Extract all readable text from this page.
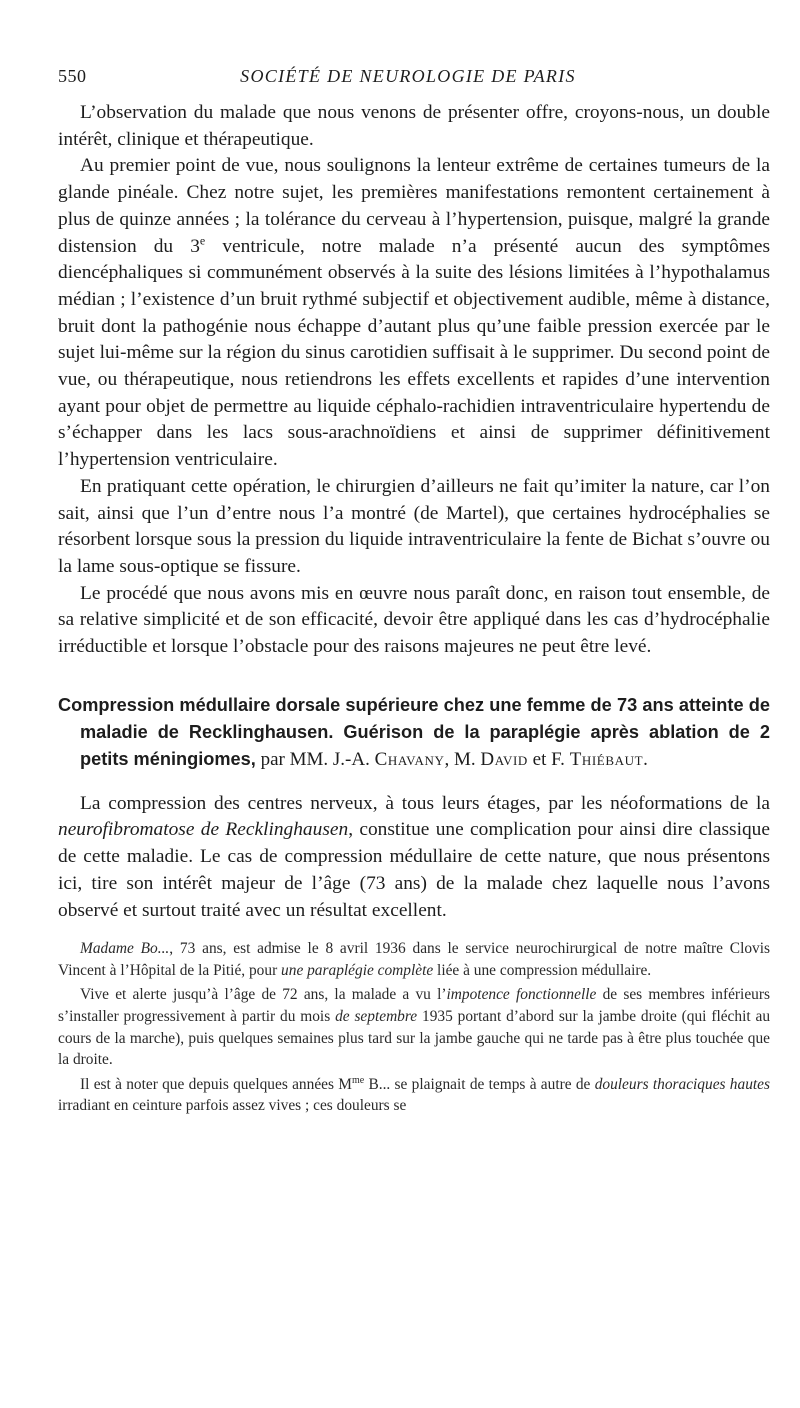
550	SOCIÉTÉ DE NEUROLOGIE DE PARIS

L’observation du malade que nous venons de présenter offre, croyons-nous, un double intérêt, clinique et thérapeutique.

Au premier point de vue, nous soulignons la lenteur extrême de certaines tumeurs de la glande pinéale. Chez notre sujet, les premières manifestations remontent certainement à plus de quinze années ; la tolérance du cerveau à l’hypertension, puisque, malgré la grande distension du 3e ventricule, notre malade n’a présenté aucun des symptômes diencéphaliques si communément observés à la suite des lésions limitées à l’hypothalamus médian ; l’existence d’un bruit rythmé subjectif et objectivement audible, même à distance, bruit dont la pathogénie nous échappe d’autant plus qu’une faible pression exercée par le sujet lui-même sur la région du sinus carotidien suffisait à le supprimer. Du second point de vue, ou thérapeutique, nous retiendrons les effets excellents et rapides d’une intervention ayant pour objet de permettre au liquide céphalo-rachidien intraventriculaire hypertendu de s’échapper dans les lacs sous-arachnoïdiens et ainsi de supprimer définitivement l’hypertension ventriculaire.

En pratiquant cette opération, le chirurgien d’ailleurs ne fait qu’imiter la nature, car l’on sait, ainsi que l’un d’entre nous l’a montré (de Martel), que certaines hydrocéphalies se résorbent lorsque sous la pression du liquide intraventriculaire la fente de Bichat s’ouvre ou la lame sous-optique se fissure.

Le procédé que nous avons mis en œuvre nous paraît donc, en raison tout ensemble, de sa relative simplicité et de son efficacité, devoir être appliqué dans les cas d’hydrocéphalie irréductible et lorsque l’obstacle pour des raisons majeures ne peut être levé.

Compression médullaire dorsale supérieure chez une femme de 73 ans atteinte de maladie de Recklinghausen. Guérison de la paraplégie après ablation de 2 petits méningiomes, par MM. J.-A. Chavany, M. David et F. Thiébaut.

La compression des centres nerveux, à tous leurs étages, par les néoformations de la neurofibromatose de Recklinghausen, constitue une complication pour ainsi dire classique de cette maladie. Le cas de compression médullaire de cette nature, que nous présentons ici, tire son intérêt majeur de l’âge (73 ans) de la malade chez laquelle nous l’avons observé et surtout traité avec un résultat excellent.

Madame Bo..., 73 ans, est admise le 8 avril 1936 dans le service neurochirurgical de notre maître Clovis Vincent à l’Hôpital de la Pitié, pour une paraplégie complète liée à une compression médullaire.

Vive et alerte jusqu’à l’âge de 72 ans, la malade a vu l’impotence fonctionnelle de ses membres inférieurs s’installer progressivement à partir du mois de septembre 1935 portant d’abord sur la jambe droite (qui fléchit au cours de la marche), puis quelques semaines plus tard sur la jambe gauche qui ne tarde pas à être plus touchée que la droite.

Il est à noter que depuis quelques années $M^{me}$ B... se plaignait de temps à autre de douleurs thoraciques hautes irradiant en ceinture parfois assez vives ; ces douleurs se
